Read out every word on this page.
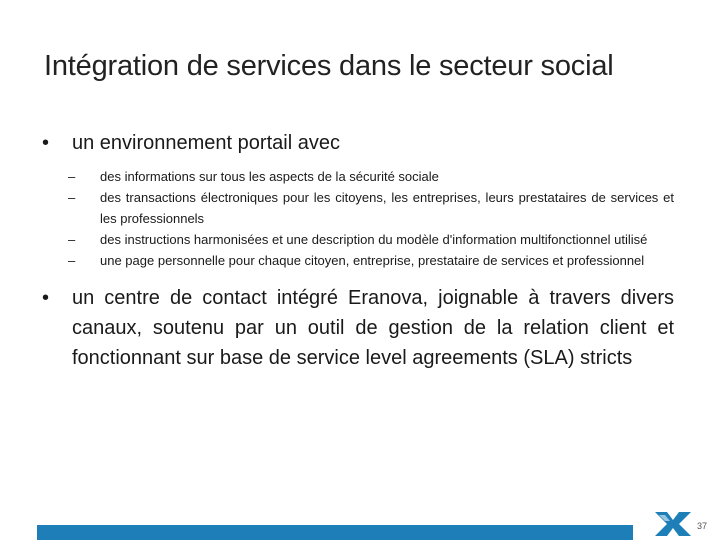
Intégration de services dans le secteur social
• un environnement portail avec
– des informations sur tous les aspects de la sécurité sociale
– des transactions électroniques pour les citoyens, les entreprises, leurs prestataires de services et les professionnels
– des instructions harmonisées et une description du modèle d'information multifonctionnel utilisé
– une page personnelle pour chaque citoyen, entreprise, prestataire de services et professionnel
• un centre de contact intégré Eranova, joignable à travers divers canaux, soutenu par un outil de gestion de la relation client et fonctionnant sur base de service level agreements (SLA) stricts
37
